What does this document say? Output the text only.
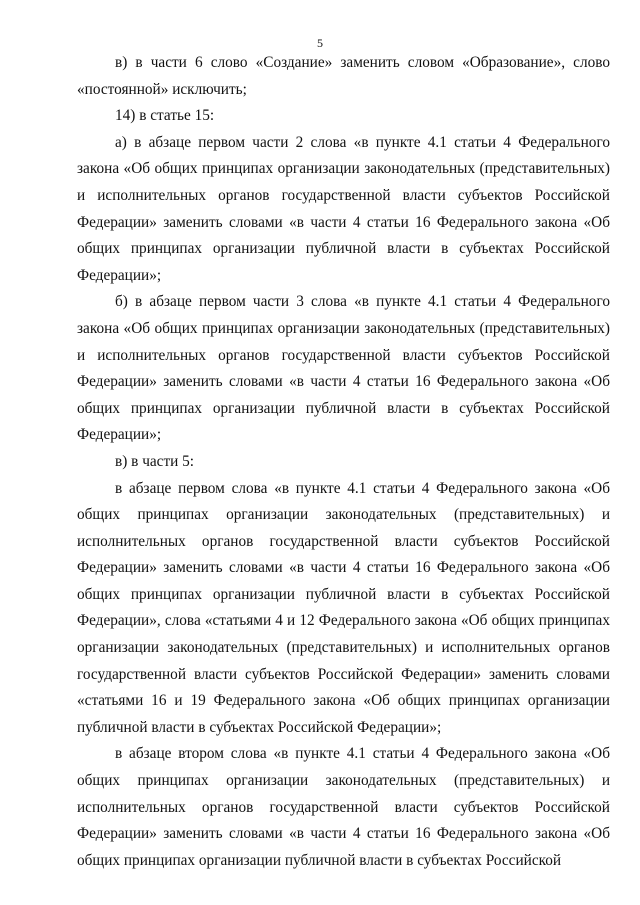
5

в) в части 6 слово «Создание» заменить словом «Образование», слово «постоянной» исключить;

14) в статье 15:

а) в абзаце первом части 2 слова «в пункте 4.1 статьи 4 Федерального закона «Об общих принципах организации законодательных (представительных) и исполнительных органов государственной власти субъектов Российской Федерации» заменить словами «в части 4 статьи 16 Федерального закона «Об общих принципах организации публичной власти в субъектах Российской Федерации»;

б) в абзаце первом части 3 слова «в пункте 4.1 статьи 4 Федерального закона «Об общих принципах организации законодательных (представительных) и исполнительных органов государственной власти субъектов Российской Федерации» заменить словами «в части 4 статьи 16 Федерального закона «Об общих принципах организации публичной власти в субъектах Российской Федерации»;

в) в части 5:

в абзаце первом слова «в пункте 4.1 статьи 4 Федерального закона «Об общих принципах организации законодательных (представительных) и исполнительных органов государственной власти субъектов Российской Федерации» заменить словами «в части 4 статьи 16 Федерального закона «Об общих принципах организации публичной власти в субъектах Российской Федерации», слова «статьями 4 и 12 Федерального закона «Об общих принципах организации законодательных (представительных) и исполнительных органов государственной власти субъектов Российской Федерации» заменить словами «статьями 16 и 19 Федерального закона «Об общих принципах организации публичной власти в субъектах Российской Федерации»;

в абзаце втором слова «в пункте 4.1 статьи 4 Федерального закона «Об общих принципах организации законодательных (представительных) и исполнительных органов государственной власти субъектов Российской Федерации» заменить словами «в части 4 статьи 16 Федерального закона «Об общих принципах организации публичной власти в субъектах Российской
